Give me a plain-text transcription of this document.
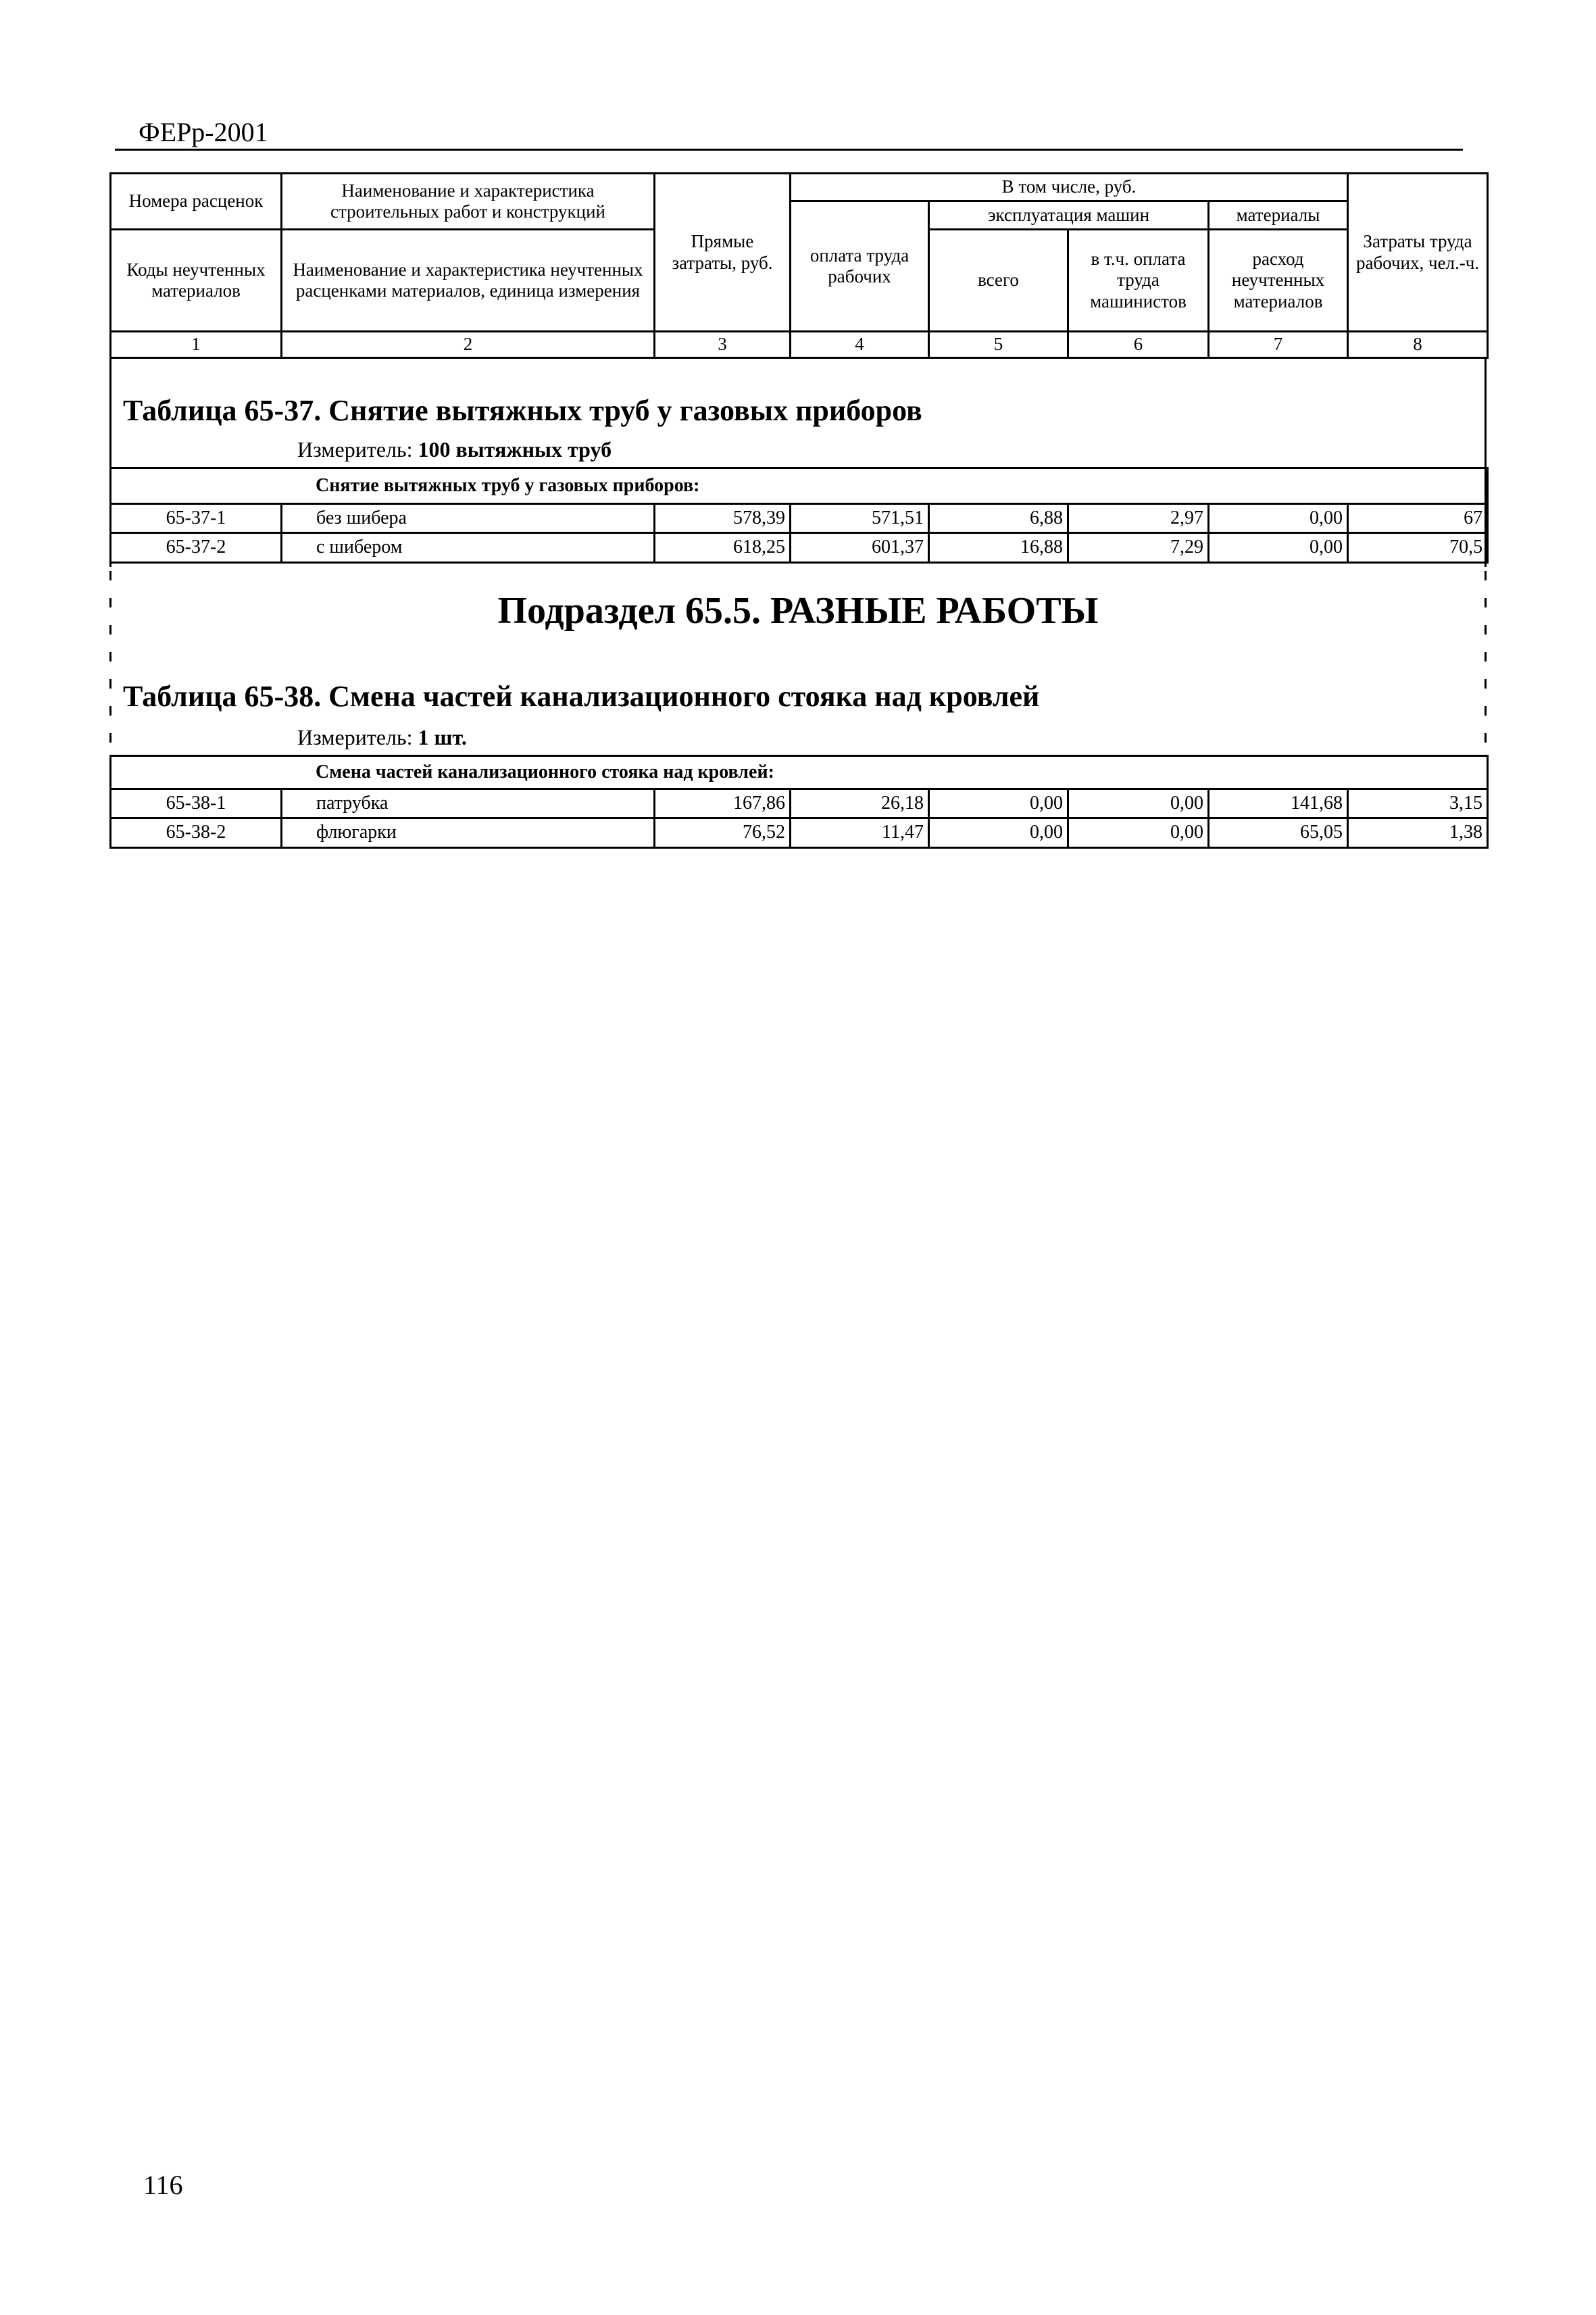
ФЕРр-2001
Номера расценок	Наименование и характеристика строительных работ и конструкций	Прямые затраты, руб.	В том числе, руб.				Затраты труда рабочих, чел.-ч.
			оплата труда рабочих	эксплуатация машин		материалы	
Коды неучтенных материалов	Наименование и характеристика неучтенных расценками материалов, единица измерения			всего	в т.ч. оплата труда машинистов	расход неучтенных материалов	
1	2	3	4	5	6	7	8
Таблица 65-37. Снятие вытяжных труб у газовых приборов
Измеритель: 100 вытяжных труб
Снятие вытяжных труб у газовых приборов:							
65-37-1	без шибера	578,39	571,51	6,88	2,97	0,00	67
65-37-2	с шибером	618,25	601,37	16,88	7,29	0,00	70,5
Подраздел 65.5. РАЗНЫЕ РАБОТЫ
Таблица 65-38. Смена частей канализационного стояка над кровлей
Измеритель: 1 шт.
Смена частей канализационного стояка над кровлей:							
65-38-1	патрубка	167,86	26,18	0,00	0,00	141,68	3,15
65-38-2	флюгарки	76,52	11,47	0,00	0,00	65,05	1,38
116
